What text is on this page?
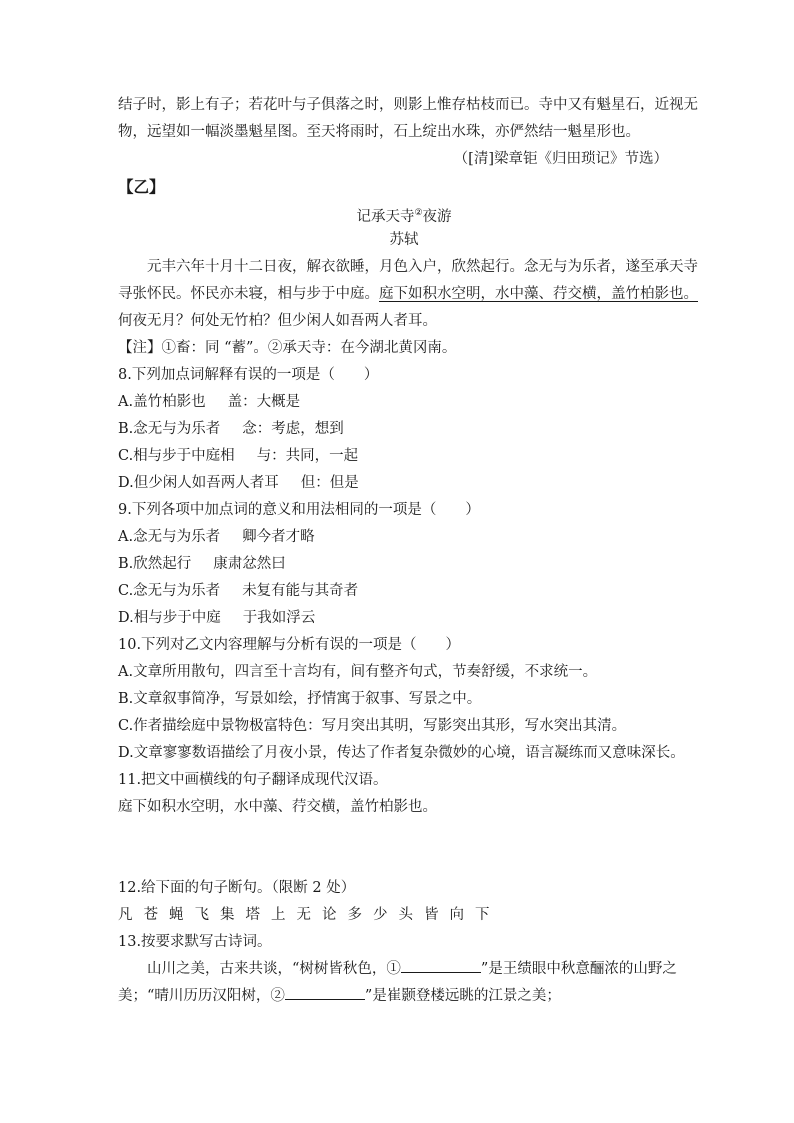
结子时，影上有子；若花叶与子俱落之时，则影上惟存枯枝而已。寺中又有魁星石，近视无
物，远望如一幅淡墨魁星图。至天将雨时，石上绽出水珠，亦俨然结一魁星形也。
（[清]梁章钜《归田琐记》节选）
【乙】
记承天寺②夜游
苏轼
元丰六年十月十二日夜，解衣欲睡，月色入户，欣然起行。念无与为乐者，遂至承天寺
寻张怀民。怀民亦未寝，相与步于中庭。庭下如积水空明，水中藻、荇交横，盖竹柏影也。
何夜无月？何处无竹柏？但少闲人如吾两人者耳。
【注】①畜：同 “蓄”。②承天寺：在今湖北黄冈南。
8.下列加点词解释有误的一项是（　　）
A.盖竹柏影也 盖：大概是
B.念无与为乐者 念：考虑，想到
C.相与步于中庭相 与：共同，一起
D.但少闲人如吾两人者耳 但：但是
9.下列各项中加点词的意义和用法相同的一项是（　　）
A.念无与为乐者 卿今者才略
B.欣然起行 康肃忿然曰
C.念无与为乐者 未复有能与其奇者
D.相与步于中庭 于我如浮云
10.下列对乙文内容理解与分析有误的一项是（　　）
A.文章所用散句，四言至十言均有，间有整齐句式，节奏舒缓，不求统一。
B.文章叙事简净，写景如绘，抒情寓于叙事、写景之中。
C.作者描绘庭中景物极富特色：写月突出其明，写影突出其形，写水突出其清。
D.文章寥寥数语描绘了月夜小景，传达了作者复杂微妙的心境，语言凝练而又意味深长。
11.把文中画横线的句子翻译成现代汉语。
庭下如积水空明，水中藻、荇交横，盖竹柏影也。
12.给下面的句子断句。（限断 2 处）
凡苍蝇飞集塔上无论多少头皆向下
13.按要求默写古诗词。
山川之美，古来共谈，“树树皆秋色，①	”是王绩眼中秋意酾浓的山野之
美；“晴川历历汉阳树，②	”是崔颢登楼远眺的江景之美；
